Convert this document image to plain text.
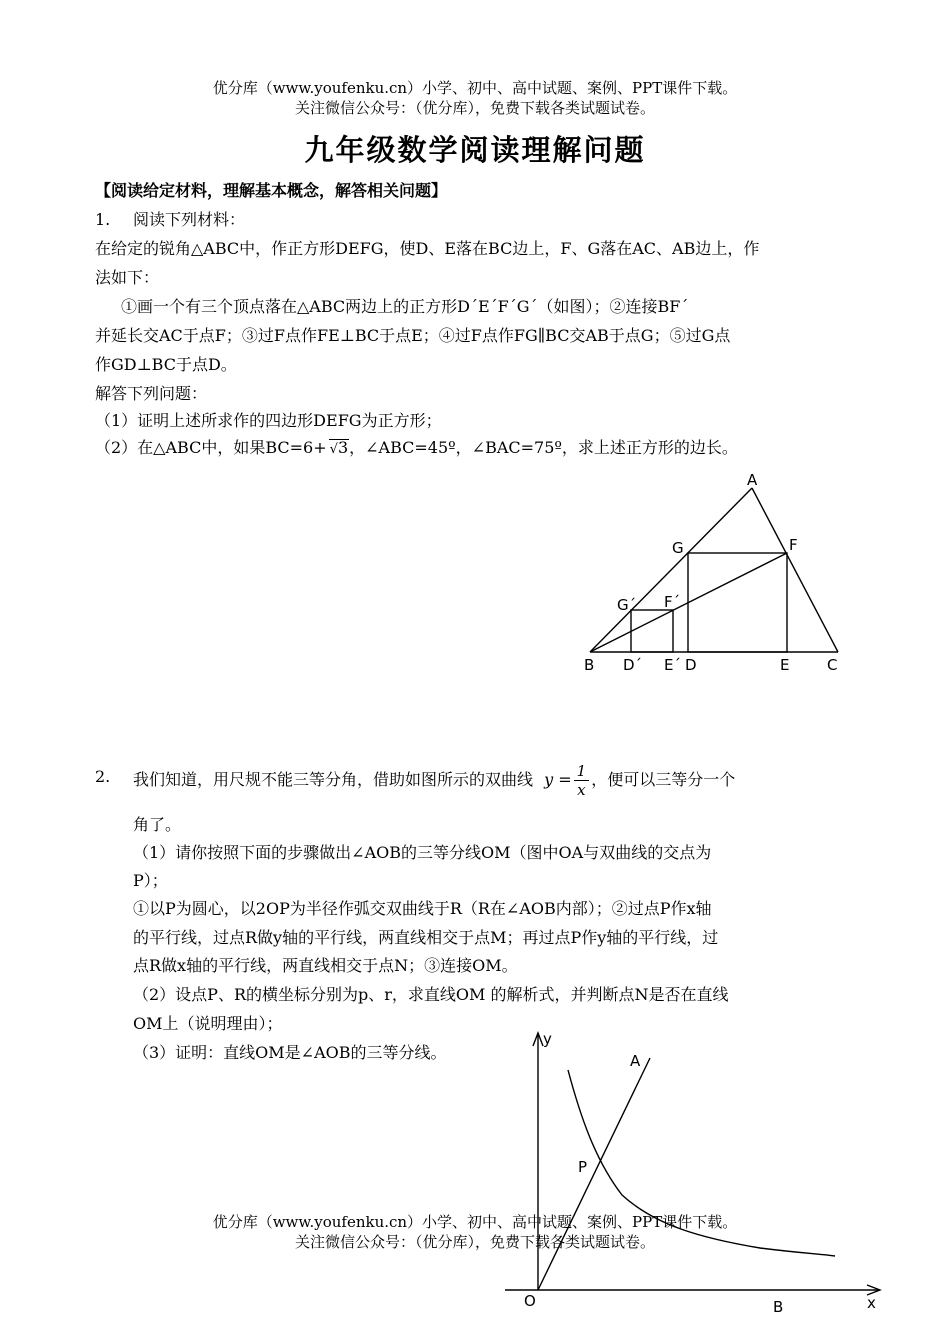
优分库（www.youfenku.cn）小学、初中、高中试题、案例、PPT课件下载。
关注微信公众号：（优分库），免费下载各类试题试卷。
九年级数学阅读理解问题
【阅读给定材料，理解基本概念，解答相关问题】
1. 阅读下列材料：
在给定的锐角△ABC中，作正方形DEFG，使D、E落在BC边上，F、G落在AC、AB边上，作
法如下：
①画一个有三个顶点落在△ABC两边上的正方形D´E´F´G´（如图）；②连接BF´
并延长交AC于点F；③过F点作FE⊥BC于点E；④过F点作FG∥BC交AB于点G；⑤过G点
作GD⊥BC于点D。
解答下列问题：
（1）证明上述所求作的四边形DEFG为正方形；
（2）在△ABC中，如果BC=6+ √3，∠ABC=45º，∠BAC=75º，求上述正方形的边长。
A
G	F
G´ F´
B D´ E´ D	E	C
2. 我们知道，用尺规不能三等分角，借助如图所示的双曲线 $y = \frac{1}{x}$ ，便可以三等分一个
角了。
（1）请你按照下面的步骤做出∠AOB的三等分线OM（图中OA与双曲线的交点为
P）；
①以P为圆心，以2OP为半径作弧交双曲线于R（R在∠AOB内部）；②过点P作x轴
的平行线，过点R做y轴的平行线，两直线相交于点M；再过点P作y轴的平行线，过
点R做x轴的平行线，两直线相交于点N；③连接OM。
（2）设点P、R的横坐标分别为p、r，求直线OM 的解析式，并判断点N是否在直线
OM上（说明理由）；
（3）证明：直线OM是∠AOB的三等分线。
y
A
P
O	B	x
优分库（www.youfenku.cn）小学、初中、高中试题、案例、PPT课件下载。
关注微信公众号：（优分库），免费下载各类试题试卷。
